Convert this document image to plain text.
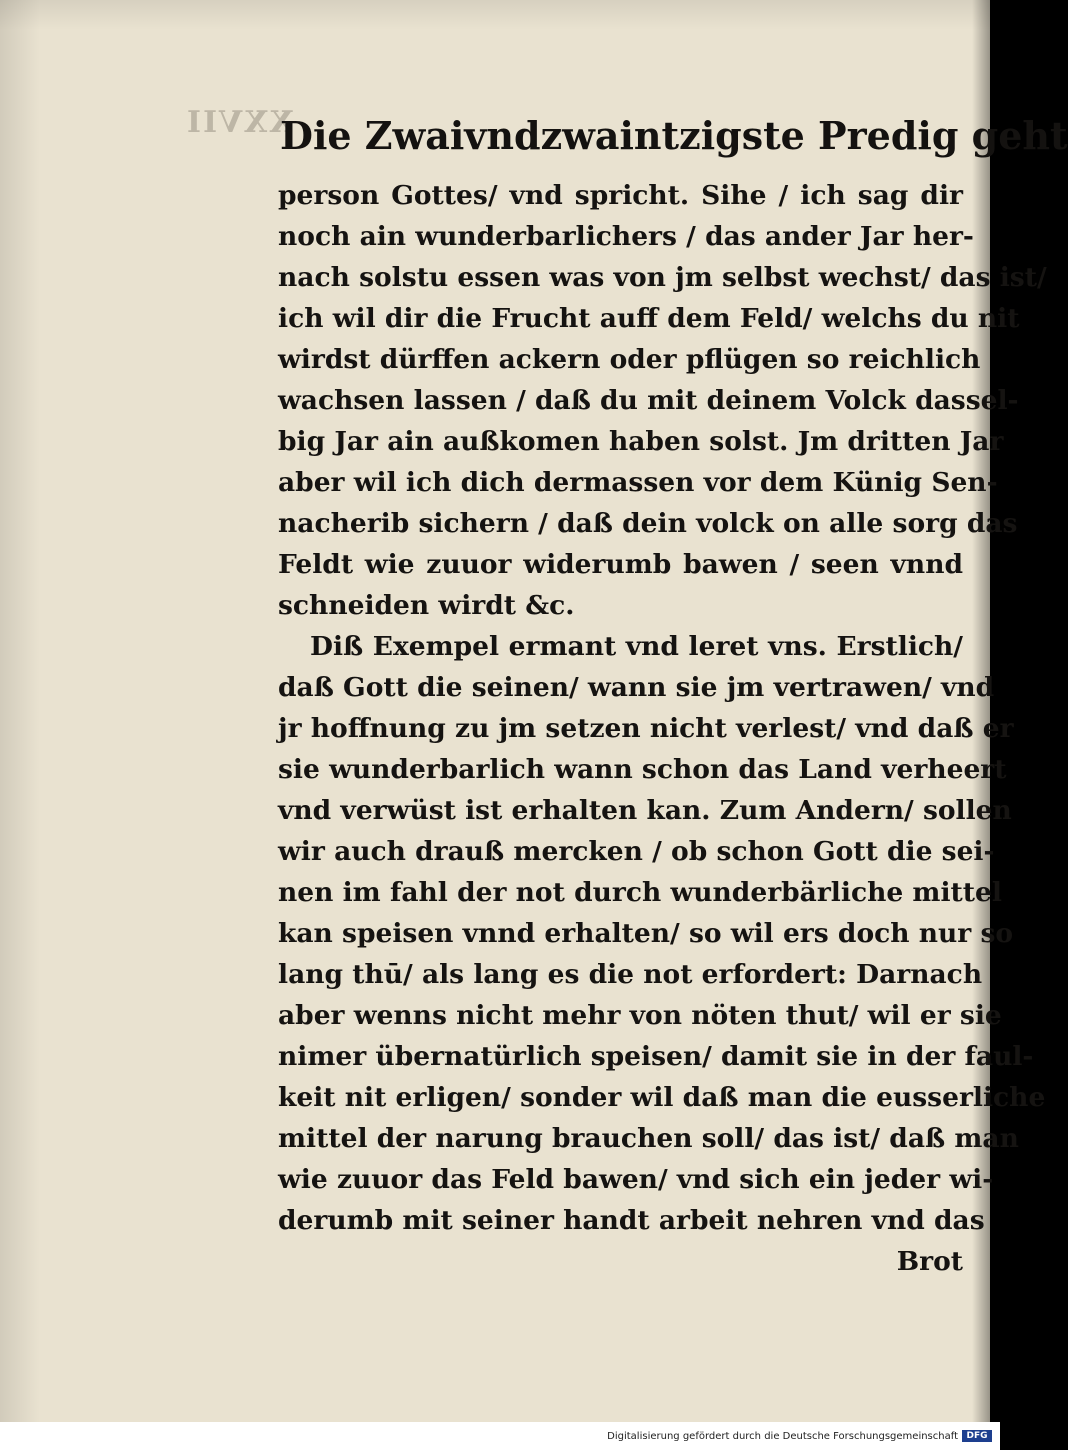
XXVII
Die Zwaivndzwaintzigste Predig geht
person Gottes/ vnd spricht. Sihe / ich sag dir
noch ain wunderbarlichers / das ander Jar her-
nach solstu essen was von jm selbst wechst/ das ist/
ich wil dir die Frucht auff dem Feld/ welchs du nit
wirdst dürffen ackern oder pflügen so reichlich
wachsen lassen / daß du mit deinem Volck dassel-
big Jar ain außkomen haben solst. Jm dritten Jar
aber wil ich dich dermassen vor dem Künig Sen-
nacherib sichern / daß dein volck on alle sorg das
Feldt wie zuuor widerumb bawen / seen vnnd
schneiden wirdt &c.
Diß Exempel ermant vnd leret vns. Erstlich/
daß Gott die seinen/ wann sie jm vertrawen/ vnd
jr hoffnung zu jm setzen nicht verlest/ vnd daß er
sie wunderbarlich wann schon das Land verheert
vnd verwüst ist erhalten kan. Zum Andern/ sollen
wir auch drauß mercken / ob schon Gott die sei-
nen im fahl der not durch wunderbärliche mittel
kan speisen vnnd erhalten/ so wil ers doch nur so
lang thū/ als lang es die not erfordert: Darnach
aber wenns nicht mehr von nöten thut/ wil er sie
nimer übernatürlich speisen/ damit sie in der faul-
keit nit erligen/ sonder wil daß man die eusserliche
mittel der narung brauchen soll/ das ist/ daß man
wie zuuor das Feld bawen/ vnd sich ein jeder wi-
derumb mit seiner handt arbeit nehren vnd das
Brot
Digitalisierung gefördert durch die Deutsche Forschungsgemeinschaft DFG
